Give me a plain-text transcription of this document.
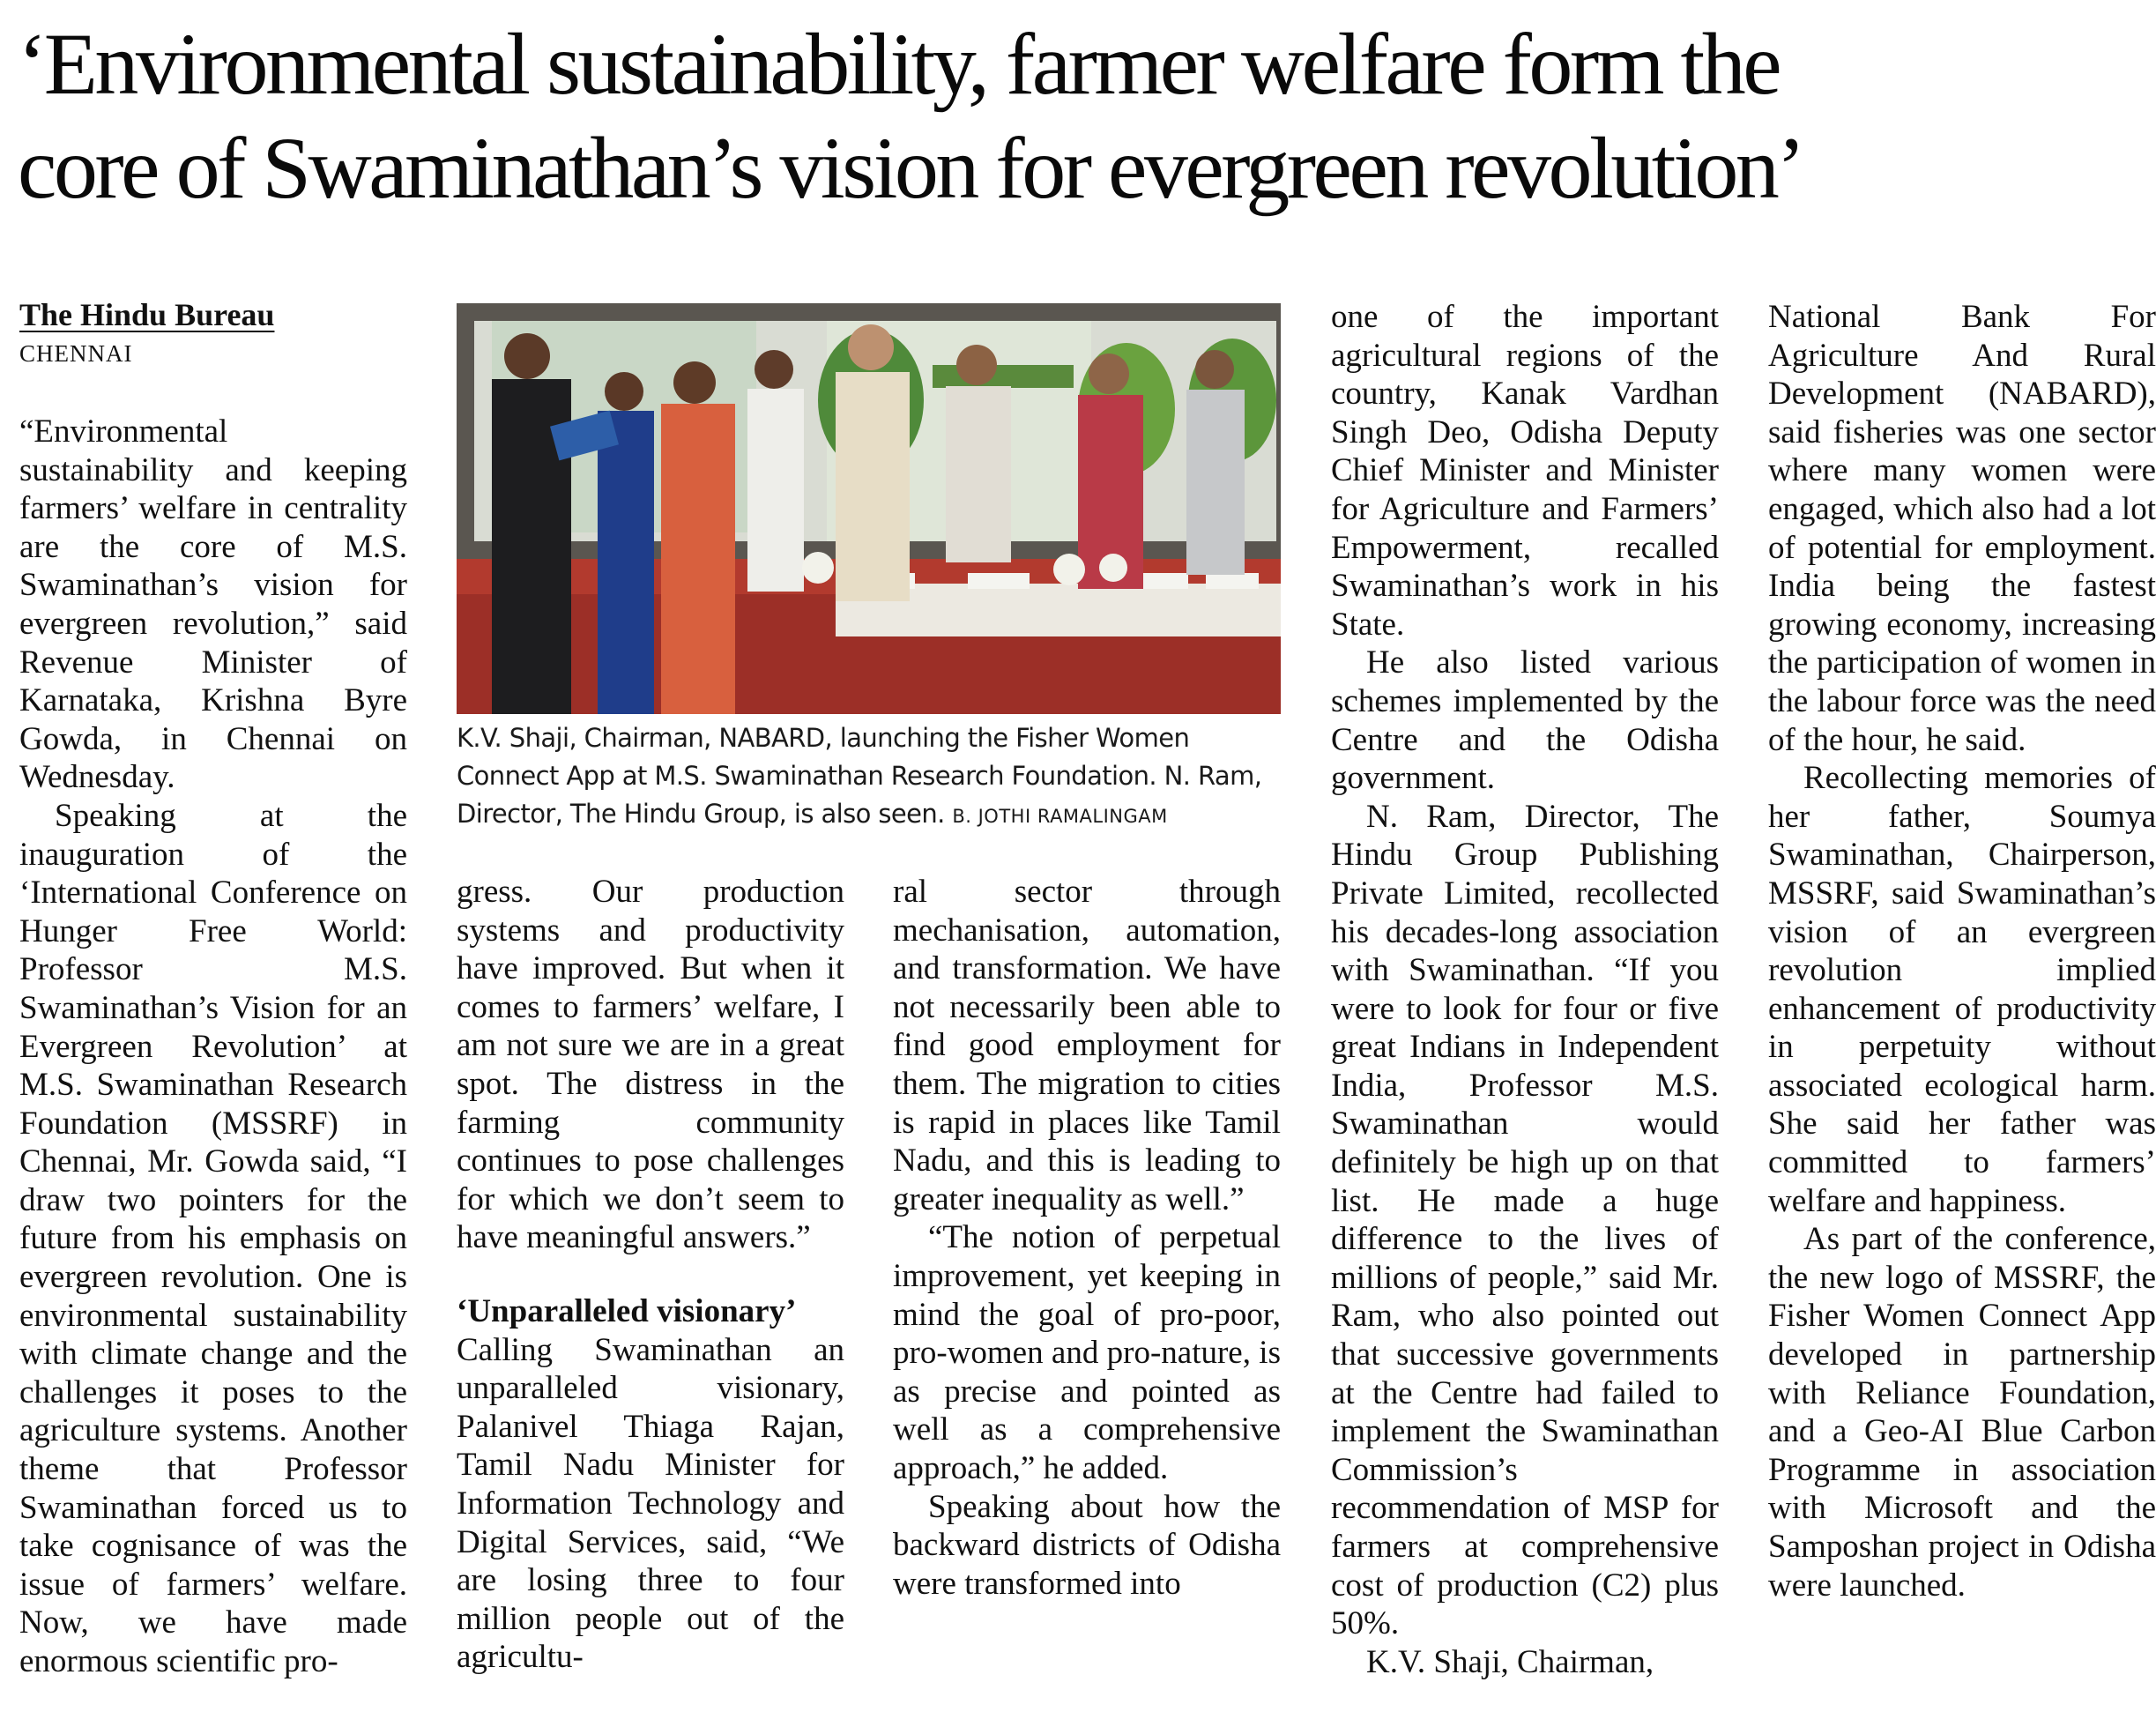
‘Environmental sustainability, farmer welfare form the
core of Swaminathan’s vision for evergreen revolution’
The Hindu Bureau
CHENNAI
K.V. Shaji, Chairman, NABARD, launching the Fisher Women Connect App at M.S. Swaminathan Research Foundation. N. Ram, Director, The Hindu Group, is also seen. B. JOTHI RAMALINGAM

“Environmental sustainability and keeping farmers’ welfare in centrality are the core of M.S. Swaminathan’s vision for evergreen revolution,” said Revenue Minister of Karnataka, Krishna Byre Gowda, in Chennai on Wednesday.

Speaking at the inauguration of the ‘International Conference on Hunger Free World: Professor M.S. Swaminathan’s Vision for an Evergreen Revolution’ at M.S. Swaminathan Research Foundation (MSSRF) in Chennai, Mr. Gowda said, “I draw two pointers for the future from his emphasis on evergreen revolution. One is environmental sustainability with climate change and the challenges it poses to the agriculture systems. Another theme that Professor Swaminathan forced us to take cognisance of was the issue of farmers’ welfare. Now, we have made enormous scientific pro-

gress. Our production systems and productivity have improved. But when it comes to farmers’ welfare, I am not sure we are in a great spot. The distress in the farming community continues to pose challenges for which we don’t seem to have meaningful answers.”

‘Unparalleled visionary’

Calling Swaminathan an unparalleled visionary, Palanivel Thiaga Rajan, Tamil Nadu Minister for Information Technology and Digital Services, said, “We are losing three to four million people out of the agricultu-

ral sector through mechanisation, automation, and transformation. We have not necessarily been able to find good employment for them. The migration to cities is rapid in places like Tamil Nadu, and this is leading to greater inequality as well.”

“The notion of perpetual improvement, yet keeping in mind the goal of pro-poor, pro-women and pro-nature, is as precise and pointed as well as a comprehensive approach,” he added.

Speaking about how the backward districts of Odisha were transformed into

one of the important agricultural regions of the country, Kanak Vardhan Singh Deo, Odisha Deputy Chief Minister and Minister for Agriculture and Farmers’ Empowerment, recalled Swaminathan’s work in his State.

He also listed various schemes implemented by the Centre and the Odisha government.

N. Ram, Director, The Hindu Group Publishing Private Limited, recollected his decades-long association with Swaminathan. “If you were to look for four or five great Indians in Independent India, Professor M.S. Swaminathan would definitely be high up on that list. He made a huge difference to the lives of millions of people,” said Mr. Ram, who also pointed out that successive governments at the Centre had failed to implement the Swaminathan Commission’s recommendation of MSP for farmers at comprehensive cost of production (C2) plus 50%.

K.V. Shaji, Chairman,

National Bank For Agriculture And Rural Development (NABARD), said fisheries was one sector where many women were engaged, which also had a lot of potential for employment. India being the fastest growing economy, increasing the participation of women in the labour force was the need of the hour, he said.

Recollecting memories of her father, Soumya Swaminathan, Chairperson, MSSRF, said Swaminathan’s vision of an evergreen revolution implied enhancement of productivity in perpetuity without associated ecological harm. She said her father was committed to farmers’ welfare and happiness.

As part of the conference, the new logo of MSSRF, the Fisher Women Connect App developed in partnership with Reliance Foundation, and a Geo-AI Blue Carbon Programme in association with Microsoft and the Samposhan project in Odisha were launched.
